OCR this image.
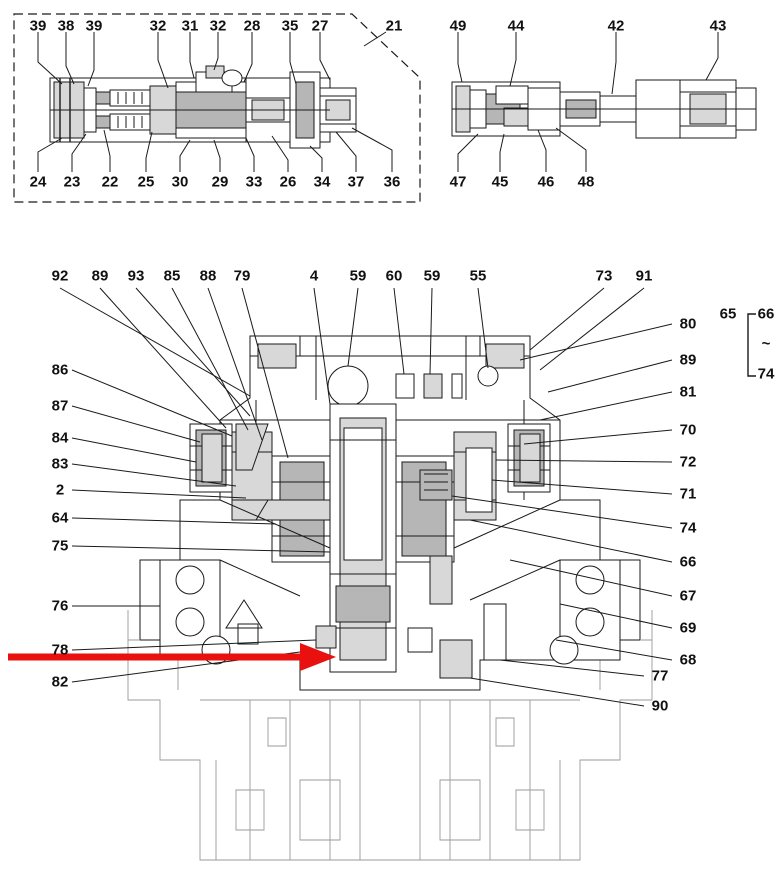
39 38 39	32 31 32 28 35 27	21
24 23 22 25 30 29 33 26 34 37 36
49	44	42	43
47 45 46 48
92 89 93 85 88 79	4 59 60 59 55	73 91
86
87
84
83
2
64
75
76
78
82
80
89
81
70
72
71
74
66
67
69
68
77
90
65 66
~
74
